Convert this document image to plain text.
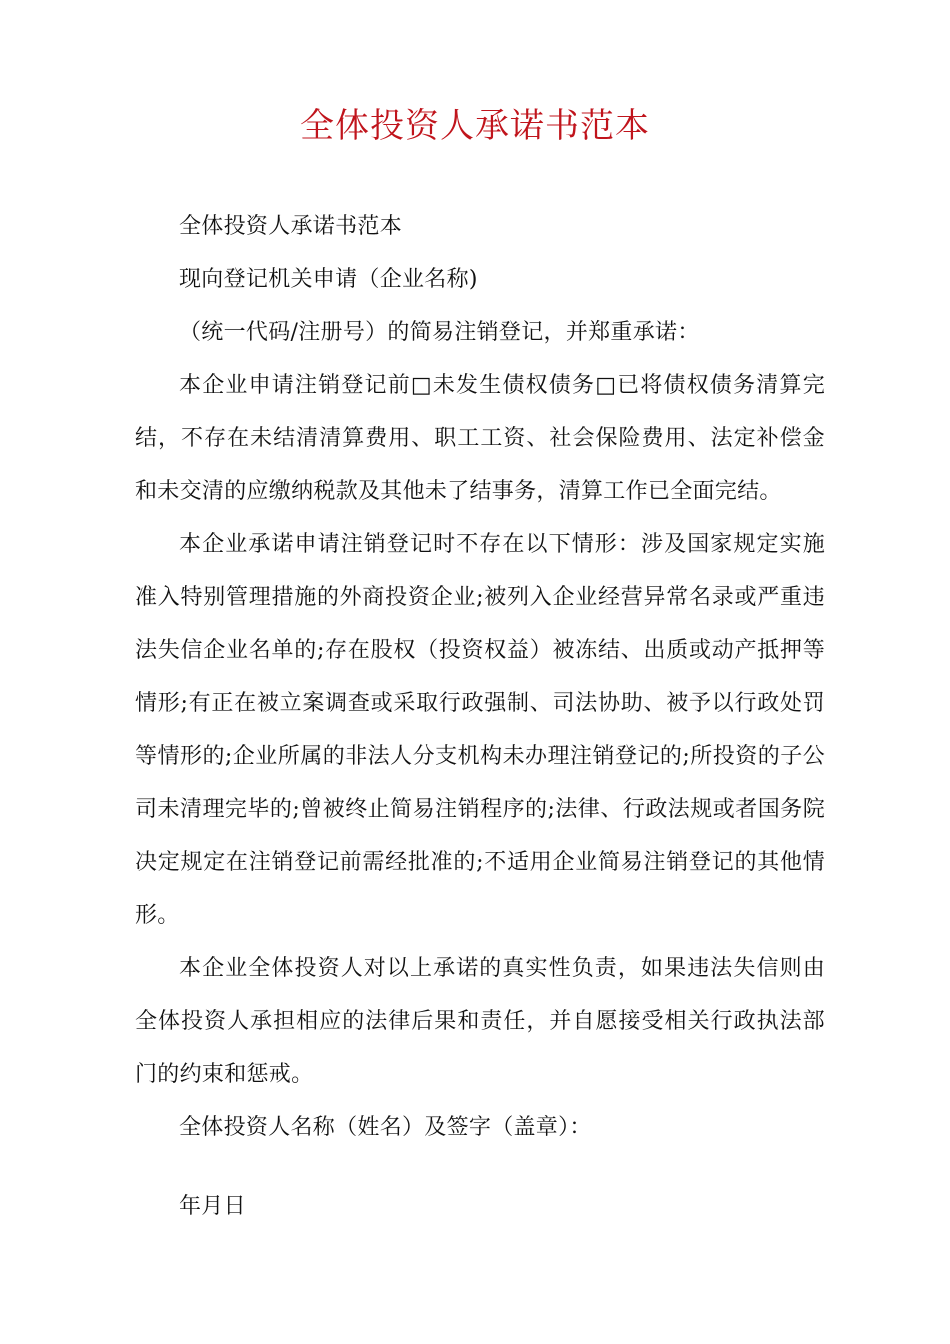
全体投资人承诺书范本

全体投资人承诺书范本

现向登记机关申请（企业名称)

（统一代码/注册号）的简易注销登记，并郑重承诺：

本企业申请注销登记前□未发生债权债务□已将债权债务清算完结，不存在未结清清算费用、职工工资、社会保险费用、法定补偿金和未交清的应缴纳税款及其他未了结事务，清算工作已全面完结。

本企业承诺申请注销登记时不存在以下情形：涉及国家规定实施准入特别管理措施的外商投资企业;被列入企业经营异常名录或严重违法失信企业名单的;存在股权（投资权益）被冻结、出质或动产抵押等情形;有正在被立案调查或采取行政强制、司法协助、被予以行政处罚等情形的;企业所属的非法人分支机构未办理注销登记的;所投资的子公司未清理完毕的;曾被终止简易注销程序的;法律、行政法规或者国务院决定规定在注销登记前需经批准的;不适用企业简易注销登记的其他情形。

本企业全体投资人对以上承诺的真实性负责，如果违法失信则由全体投资人承担相应的法律后果和责任，并自愿接受相关行政执法部门的约束和惩戒。

全体投资人名称（姓名）及签字（盖章）：

年月日
